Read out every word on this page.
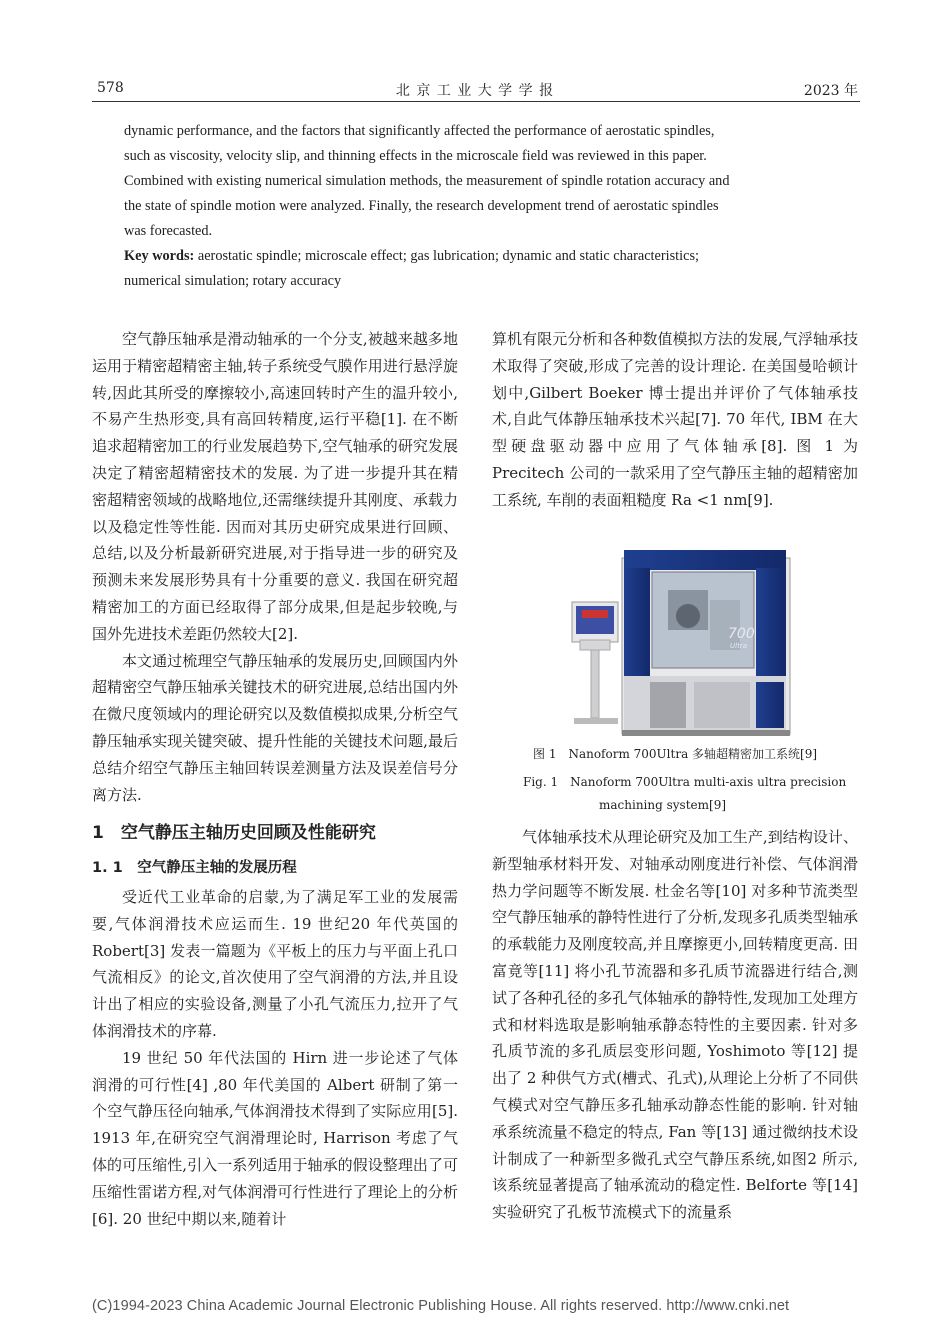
578	北 京 工 业 大 学 学 报	2023 年

dynamic performance, and the factors that significantly affected the performance of aerostatic spindles,

such as viscosity, velocity slip, and thinning effects in the microscale field was reviewed in this paper.

Combined with existing numerical simulation methods, the measurement of spindle rotation accuracy and

the state of spindle motion were analyzed. Finally, the research development trend of aerostatic spindles

was forecasted.

Key words: aerostatic spindle; microscale effect; gas lubrication; dynamic and static characteristics;

numerical simulation; rotary accuracy

空气静压轴承是滑动轴承的一个分支,被越来越多地运用于精密超精密主轴,转子系统受气膜作用进行悬浮旋转,因此其所受的摩擦较小,高速回转时产生的温升较小,不易产生热形变,具有高回转精度,运行平稳[1]. 在不断追求超精密加工的行业发展趋势下,空气轴承的研究发展决定了精密超精密技术的发展. 为了进一步提升其在精密超精密领域的战略地位,还需继续提升其刚度、承载力以及稳定性等性能. 因而对其历史研究成果进行回顾、总结,以及分析最新研究进展,对于指导进一步的研究及预测未来发展形势具有十分重要的意义. 我国在研究超精密加工的方面已经取得了部分成果,但是起步较晚,与国外先进技术差距仍然较大[2].

本文通过梳理空气静压轴承的发展历史,回顾国内外超精密空气静压轴承关键技术的研究进展,总结出国内外在微尺度领域内的理论研究以及数值模拟成果,分析空气静压轴承实现关键突破、提升性能的关键技术问题,最后总结介绍空气静压主轴回转误差测量方法及误差信号分离方法.

1　空气静压主轴历史回顾及性能研究
1. 1　空气静压主轴的发展历程

受近代工业革命的启蒙,为了满足军工业的发展需要,气体润滑技术应运而生. 19 世纪20 年代英国的 Robert[3] 发表一篇题为《平板上的压力与平面上孔口气流相反》的论文,首次使用了空气润滑的方法,并且设计出了相应的实验设备,测量了小孔气流压力,拉开了气体润滑技术的序幕.

19 世纪 50 年代法国的 Hirn 进一步论述了气体润滑的可行性[4] ,80 年代美国的 Albert 研制了第一个空气静压径向轴承,气体润滑技术得到了实际应用[5]. 1913 年,在研究空气润滑理论时, Harrison 考虑了气体的可压缩性,引入一系列适用于轴承的假设整理出了可压缩性雷诺方程,对气体润滑可行性进行了理论上的分析[6]. 20 世纪中期以来,随着计

算机有限元分析和各种数值模拟方法的发展,气浮轴承技术取得了突破,形成了完善的设计理论. 在美国曼哈顿计划中,Gilbert Boeker 博士提出并评价了气体轴承技术,自此气体静压轴承技术兴起[7]. 70 年代, IBM 在大型硬盘驱动器中应用了气体轴承[8]. 图 1 为 Precitech 公司的一款采用了空气静压主轴的超精密加工系统, 车削的表面粗糙度 Ra <1 nm[9].

700
Ultra
图 1　Nanoform 700Ultra 多轴超精密加工系统[9]
Fig. 1　Nanoform 700Ultra multi-axis ultra precision
machining system[9]

气体轴承技术从理论研究及加工生产,到结构设计、新型轴承材料开发、对轴承动刚度进行补偿、气体润滑热力学问题等不断发展. 杜金名等[10] 对多种节流类型空气静压轴承的静特性进行了分析,发现多孔质类型轴承的承载能力及刚度较高,并且摩擦更小,回转精度更高. 田富竟等[11] 将小孔节流器和多孔质节流器进行结合,测试了各种孔径的多孔气体轴承的静特性,发现加工处理方式和材料选取是影响轴承静态特性的主要因素. 针对多孔质节流的多孔质层变形问题, Yoshimoto 等[12] 提出了 2 种供气方式(槽式、孔式),从理论上分析了不同供气模式对空气静压多孔轴承动静态性能的影响. 针对轴承系统流量不稳定的特点, Fan 等[13] 通过微纳技术设计制成了一种新型多微孔式空气静压系统,如图2 所示,该系统显著提高了轴承流动的稳定性. Belforte 等[14] 实验研究了孔板节流模式下的流量系

(C)1994-2023 China Academic Journal Electronic Publishing House. All rights reserved. http://www.cnki.net
